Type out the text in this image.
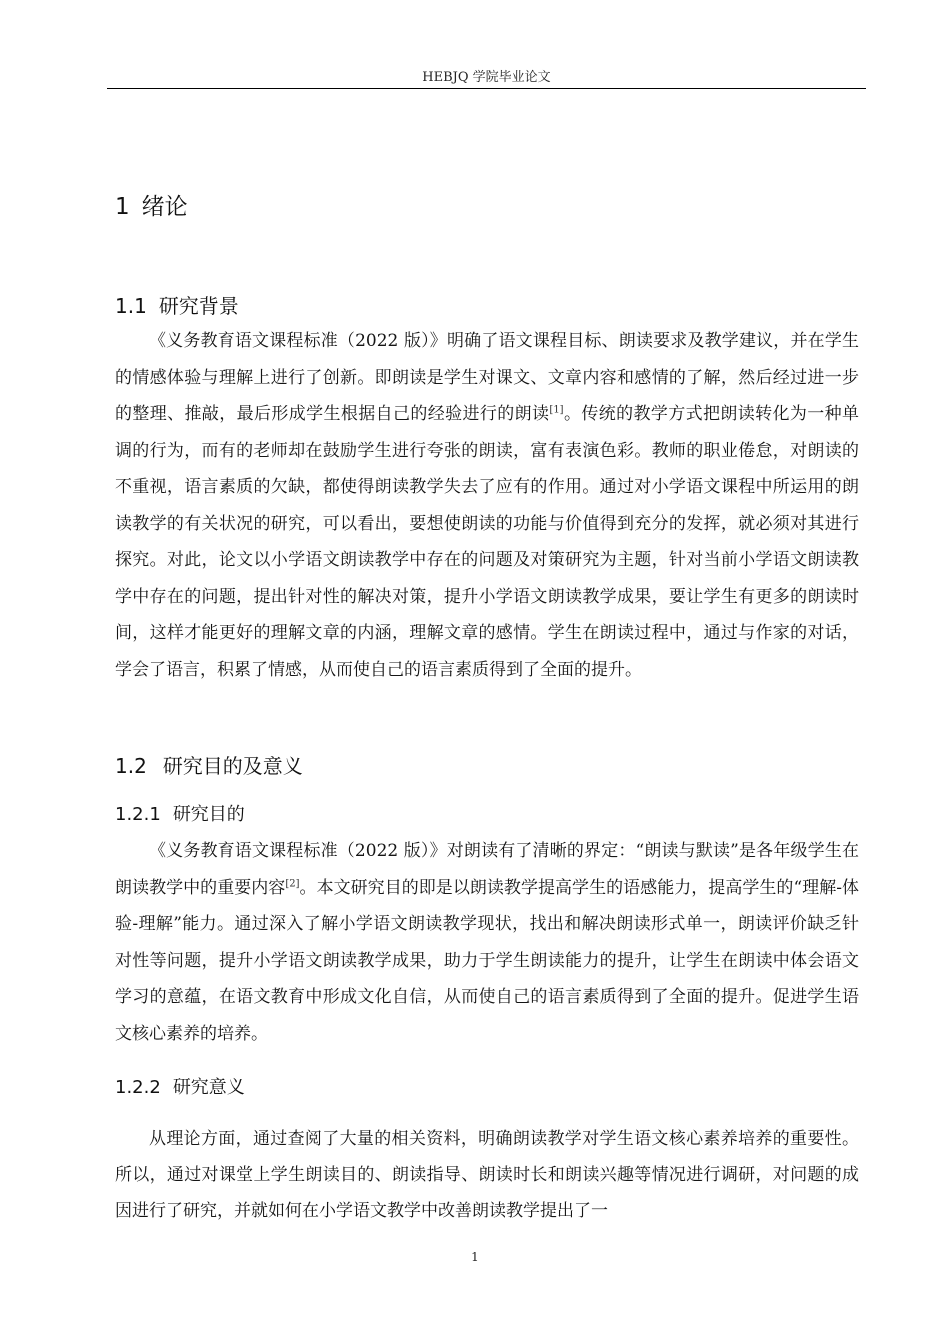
HEBJQ 学院毕业论文
1 绪论
1.1 研究背景

《义务教育语文课程标准（2022 版）》明确了语文课程目标、朗读要求及教学建议，并在学生的情感体验与理解上进行了创新。即朗读是学生对课文、文章内容和感情的了解，然后经过进一步的整理、推敲，最后形成学生根据自己的经验进行的朗读[1]。传统的教学方式把朗读转化为一种单调的行为，而有的老师却在鼓励学生进行夸张的朗读，富有表演色彩。教师的职业倦怠，对朗读的不重视，语言素质的欠缺，都使得朗读教学失去了应有的作用。通过对小学语文课程中所运用的朗读教学的有关状况的研究，可以看出，要想使朗读的功能与价值得到充分的发挥，就必须对其进行探究。对此，论文以小学语文朗读教学中存在的问题及对策研究为主题，针对当前小学语文朗读教学中存在的问题，提出针对性的解决对策，提升小学语文朗读教学成果，要让学生有更多的朗读时间，这样才能更好的理解文章的内涵，理解文章的感情。学生在朗读过程中，通过与作家的对话，学会了语言，积累了情感，从而使自己的语言素质得到了全面的提升。

1.2 研究目的及意义
1.2.1 研究目的

《义务教育语文课程标准（2022 版）》对朗读有了清晰的界定：“朗读与默读”是各年级学生在朗读教学中的重要内容[2]。本文研究目的即是以朗读教学提高学生的语感能力，提高学生的“理解-体验-理解”能力。通过深入了解小学语文朗读教学现状，找出和解决朗读形式单一，朗读评价缺乏针对性等问题，提升小学语文朗读教学成果，助力于学生朗读能力的提升，让学生在朗读中体会语文学习的意蕴，在语文教育中形成文化自信，从而使自己的语言素质得到了全面的提升。促进学生语文核心素养的培养。

1.2.2 研究意义

从理论方面，通过查阅了大量的相关资料，明确朗读教学对学生语文核心素养培养的重要性。所以，通过对课堂上学生朗读目的、朗读指导、朗读时长和朗读兴趣等情况进行调研，对问题的成因进行了研究，并就如何在小学语文教学中改善朗读教学提出了一

1
